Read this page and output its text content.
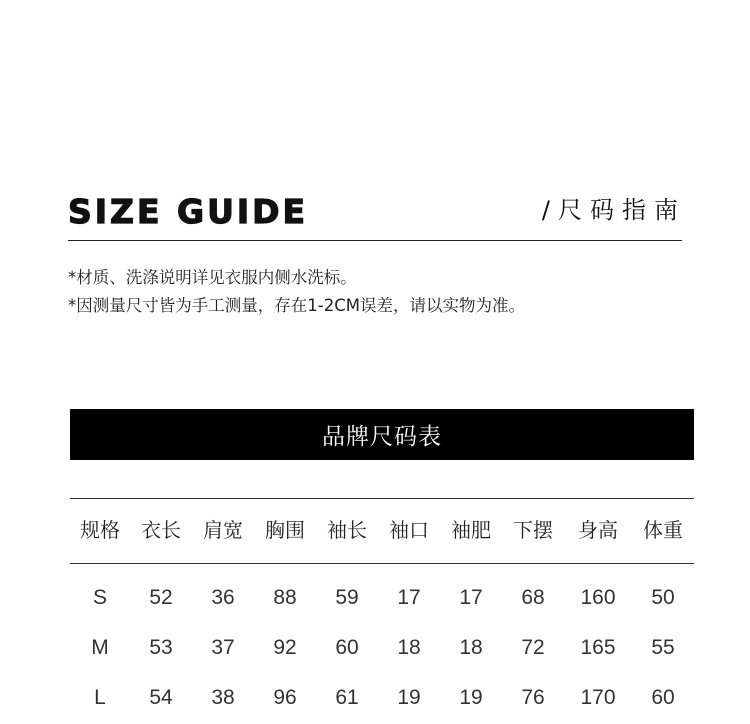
SIZE GUIDE	/尺码指南
*材质、洗涤说明详见衣服内侧水洗标。
*因测量尺寸皆为手工测量，存在1-2CM误差，请以实物为准。
品牌尺码表
规格	衣长	肩宽	胸围	袖长	袖口	袖肥	下摆	身高	体重
S	52	36	88	59	17	17	68	160	50
M	53	37	92	60	18	18	72	165	55
L	54	38	96	61	19	19	76	170	60
